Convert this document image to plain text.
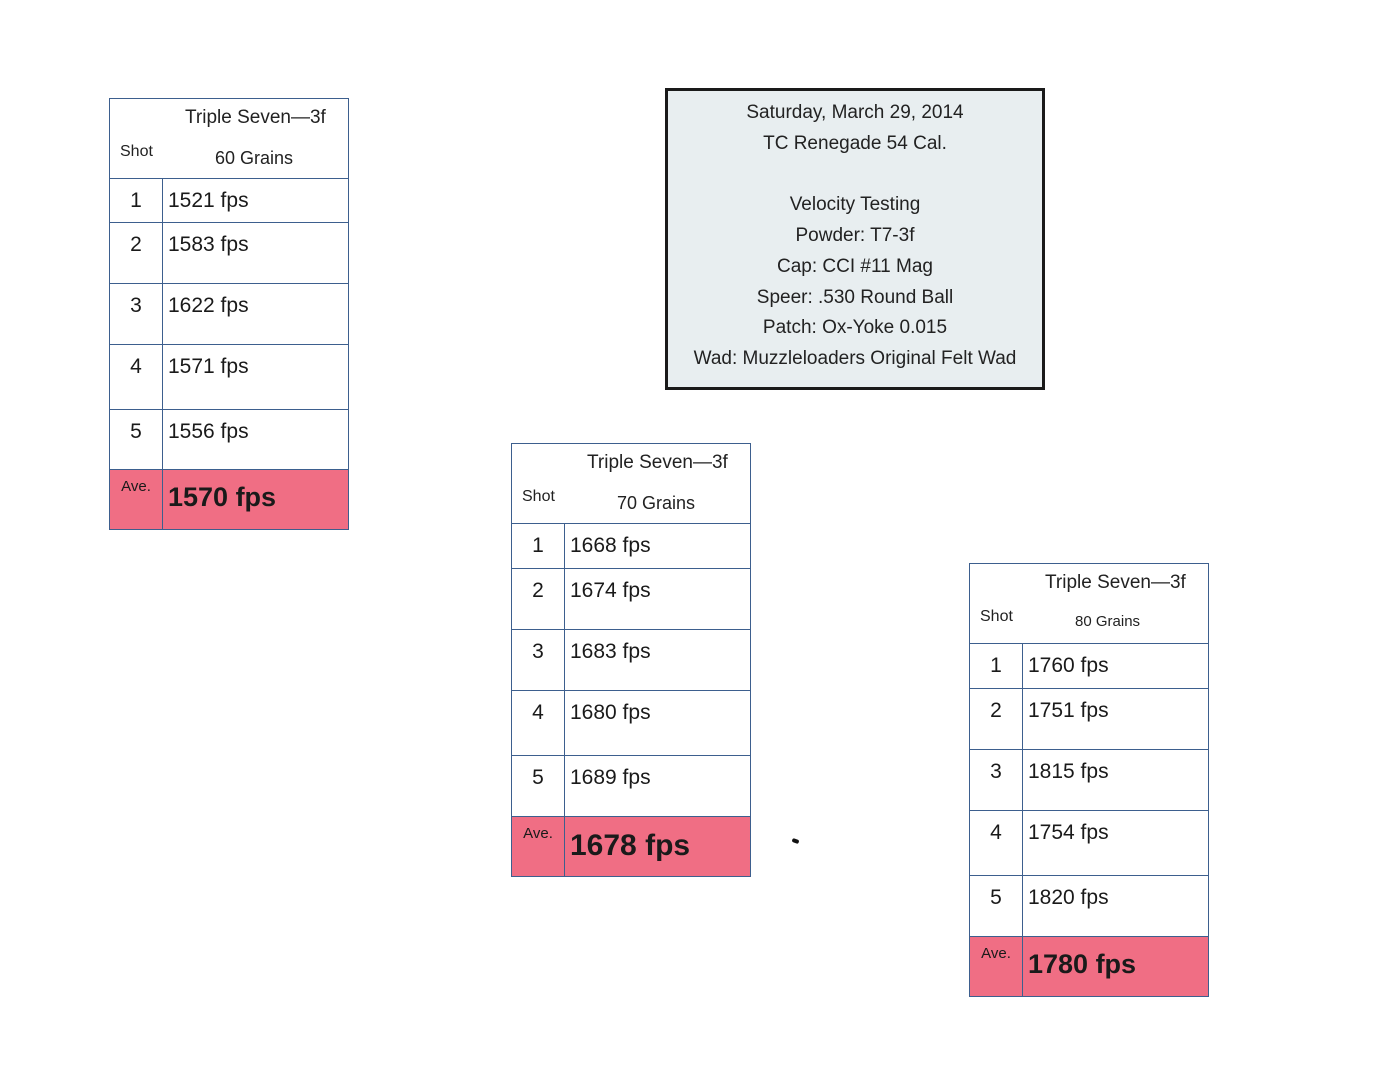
Saturday, March 29, 2014
TC Renegade 54 Cal.
Velocity Testing
Powder: T7-3f
Cap: CCI #11 Mag
Speer: .530 Round Ball
Patch: Ox-Yoke 0.015
Wad: Muzzleloaders Original Felt Wad
Triple Seven—3f
Shot	60 Grains
1	1521 fps
2	1583 fps
3	1622 fps
4	1571 fps
5	1556 fps
Ave. 1570 fps
Triple Seven—3f
Shot	70 Grains
1	1668 fps
2	1674 fps
3	1683 fps
4	1680 fps
5	1689 fps
Ave. 1678 fps
Triple Seven—3f
Shot	80 Grains
1	1760 fps
2	1751 fps
3	1815 fps
4	1754 fps
5	1820 fps
Ave. 1780 fps
